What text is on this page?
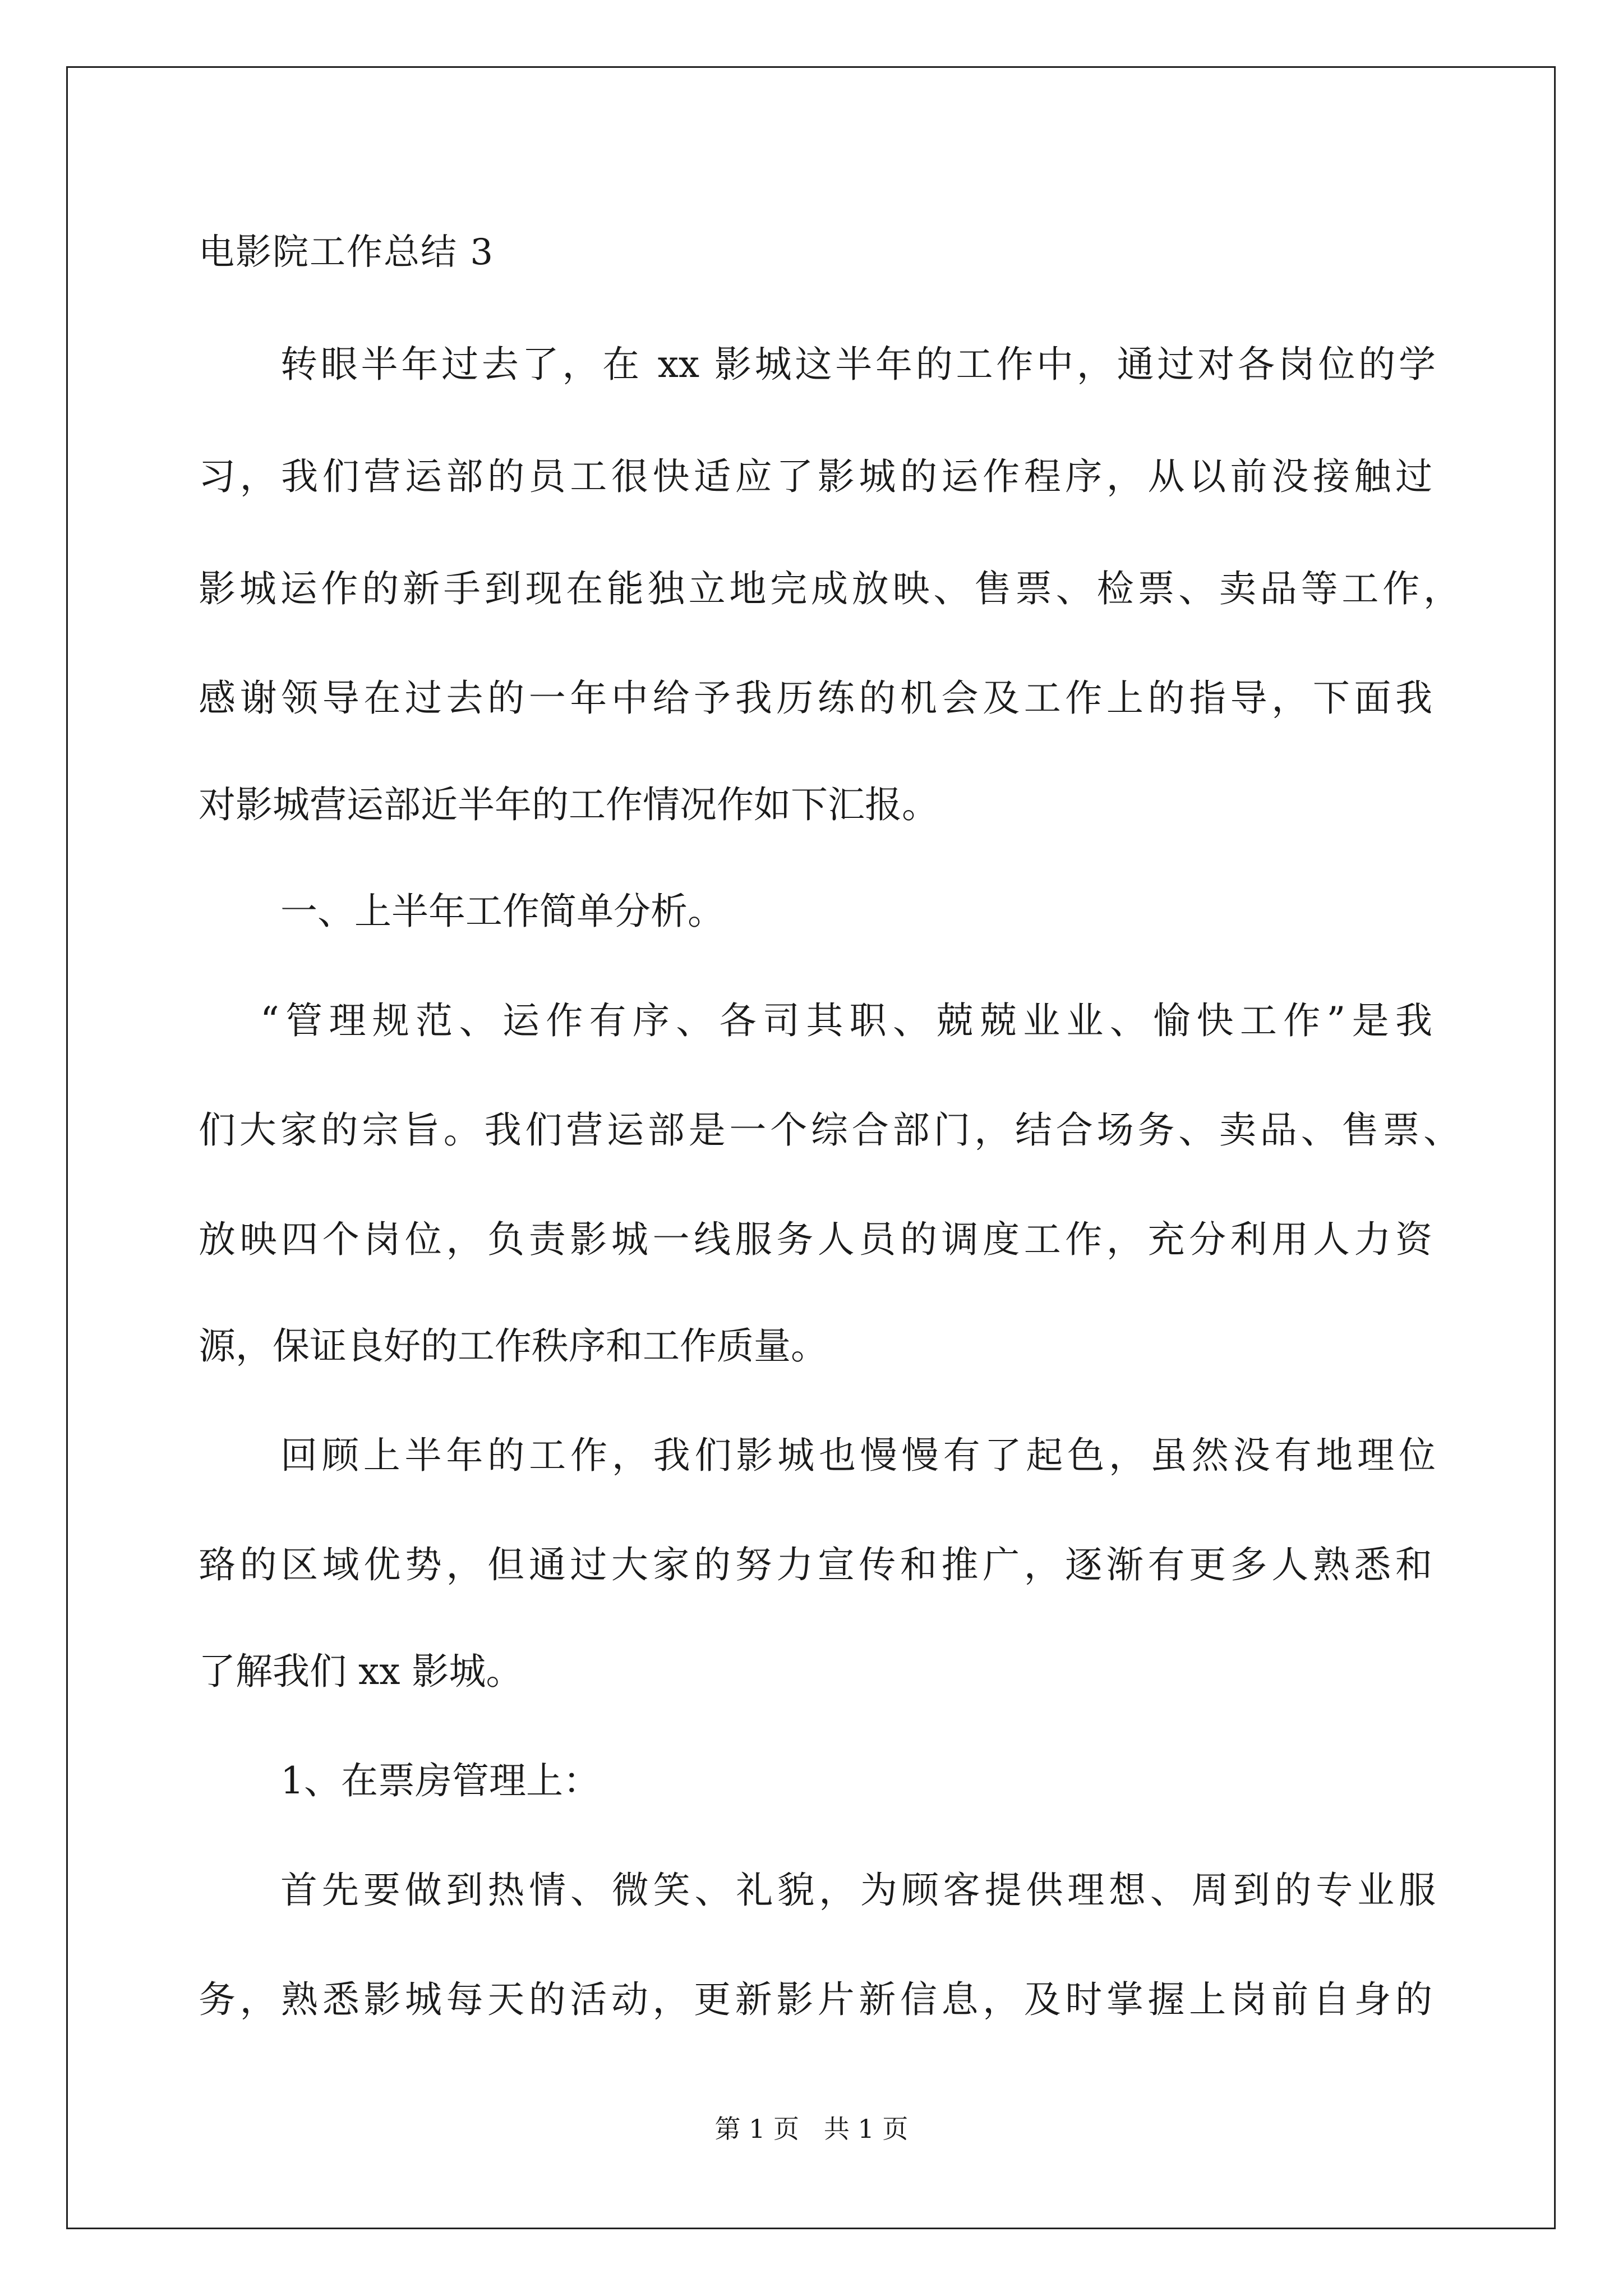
电影院工作总结 3
转眼半年过去了，在 xx 影城这半年的工作中，通过对各岗位的学
习，我们营运部的员工很快适应了影城的运作程序，从以前没接触过
影城运作的新手到现在能独立地完成放映、售票、检票、卖品等工作，
感谢领导在过去的一年中给予我历练的机会及工作上的指导，下面我
对影城营运部近半年的工作情况作如下汇报。
一、上半年工作简单分析。
“管理规范、运作有序、各司其职、兢兢业业、愉快工作”是我
们大家的宗旨。我们营运部是一个综合部门，结合场务、卖品、售票、
放映四个岗位，负责影城一线服务人员的调度工作，充分利用人力资
源，保证良好的工作秩序和工作质量。
回顾上半年的工作，我们影城也慢慢有了起色，虽然没有地理位
臵的区域优势，但通过大家的努力宣传和推广，逐渐有更多人熟悉和
了解我们 xx 影城。
1、在票房管理上：
首先要做到热情、微笑、礼貌，为顾客提供理想、周到的专业服
务，熟悉影城每天的活动，更新影片新信息，及时掌握上岗前自身的
第 1 页   共 1 页
